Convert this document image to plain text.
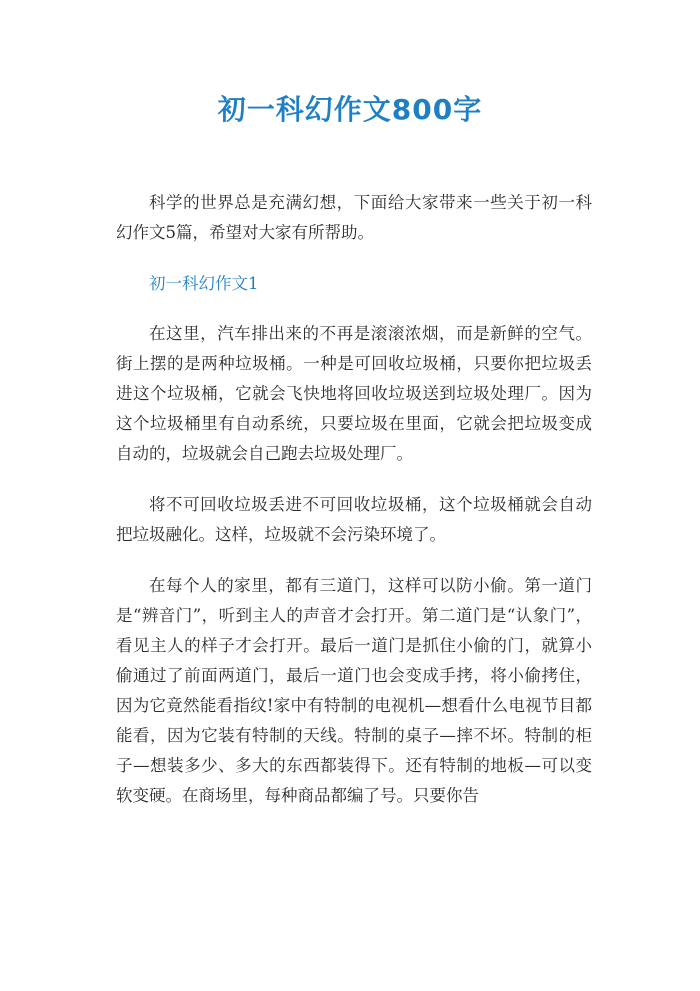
初一科幻作文800字

科学的世界总是充满幻想，下面给大家带来一些关于初一科幻作文5篇，希望对大家有所帮助。

初一科幻作文1

在这里，汽车排出来的不再是滚滚浓烟，而是新鲜的空气。街上摆的是两种垃圾桶。一种是可回收垃圾桶，只要你把垃圾丢进这个垃圾桶，它就会飞快地将回收垃圾送到垃圾处理厂。因为这个垃圾桶里有自动系统，只要垃圾在里面，它就会把垃圾变成自动的，垃圾就会自己跑去垃圾处理厂。

将不可回收垃圾丢进不可回收垃圾桶，这个垃圾桶就会自动把垃圾融化。这样，垃圾就不会污染环境了。

在每个人的家里，都有三道门，这样可以防小偷。第一道门是“辨音门”，听到主人的声音才会打开。第二道门是“认象门”，看见主人的样子才会打开。最后一道门是抓住小偷的门，就算小偷通过了前面两道门，最后一道门也会变成手拷，将小偷拷住，因为它竟然能看指纹!家中有特制的电视机—想看什么电视节目都能看，因为它装有特制的天线。特制的桌子—摔不坏。特制的柜子—想装多少、多大的东西都装得下。还有特制的地板—可以变软变硬。在商场里，每种商品都编了号。只要你告
